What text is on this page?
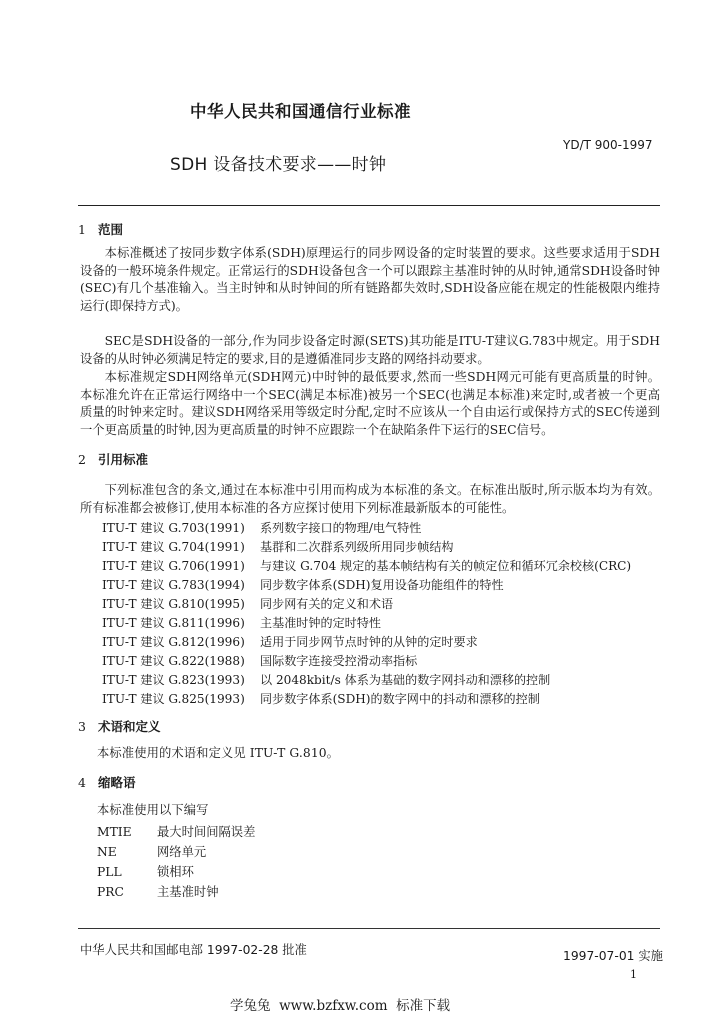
中华人民共和国通信行业标准
YD/T 900-1997
SDH 设备技术要求——时钟
1 范围
本标准概述了按同步数字体系(SDH)原理运行的同步网设备的定时装置的要求。这些要求适用于SDH设备的一般环境条件规定。正常运行的SDH设备包含一个可以跟踪主基准时钟的从时钟,通常SDH设备时钟(SEC)有几个基准输入。当主时钟和从时钟间的所有链路都失效时,SDH设备应能在规定的性能极限内维持运行(即保持方式)。
SEC是SDH设备的一部分,作为同步设备定时源(SETS)其功能是ITU-T建议G.783中规定。用于SDH设备的从时钟必须满足特定的要求,目的是遵循准同步支路的网络抖动要求。
本标准规定SDH网络单元(SDH网元)中时钟的最低要求,然而一些SDH网元可能有更高质量的时钟。本标准允许在正常运行网络中一个SEC(满足本标准)被另一个SEC(也满足本标准)来定时,或者被一个更高质量的时钟来定时。建议SDH网络采用等级定时分配,定时不应该从一个自由运行或保持方式的SEC传递到一个更高质量的时钟,因为更高质量的时钟不应跟踪一个在缺陷条件下运行的SEC信号。
2 引用标准
下列标准包含的条文,通过在本标准中引用而构成为本标准的条文。在标准出版时,所示版本均为有效。所有标准都会被修订,使用本标准的各方应探讨使用下列标准最新版本的可能性。
ITU-T 建议 G.703(1991) 系列数字接口的物理/电气特性
ITU-T 建议 G.704(1991) 基群和二次群系列级所用同步帧结构
ITU-T 建议 G.706(1991) 与建议 G.704 规定的基本帧结构有关的帧定位和循环冗余校核(CRC)
ITU-T 建议 G.783(1994) 同步数字体系(SDH)复用设备功能组件的特性
ITU-T 建议 G.810(1995) 同步网有关的定义和术语
ITU-T 建议 G.811(1996) 主基准时钟的定时特性
ITU-T 建议 G.812(1996) 适用于同步网节点时钟的从钟的定时要求
ITU-T 建议 G.822(1988) 国际数字连接受控滑动率指标
ITU-T 建议 G.823(1993) 以 2048kbit/s 体系为基础的数字网抖动和漂移的控制
ITU-T 建议 G.825(1993) 同步数字体系(SDH)的数字网中的抖动和漂移的控制
3 术语和定义
本标准使用的术语和定义见 ITU-T G.810。
4 缩略语
本标准使用以下编写
MTIE 最大时间间隔误差
NE	网络单元
PLL	锁相环
PRC	主基准时钟
中华人民共和国邮电部 1997-02-28 批准	1997-07-01 实施
1
学兔兔  www.bzfxw.com  标准下载
